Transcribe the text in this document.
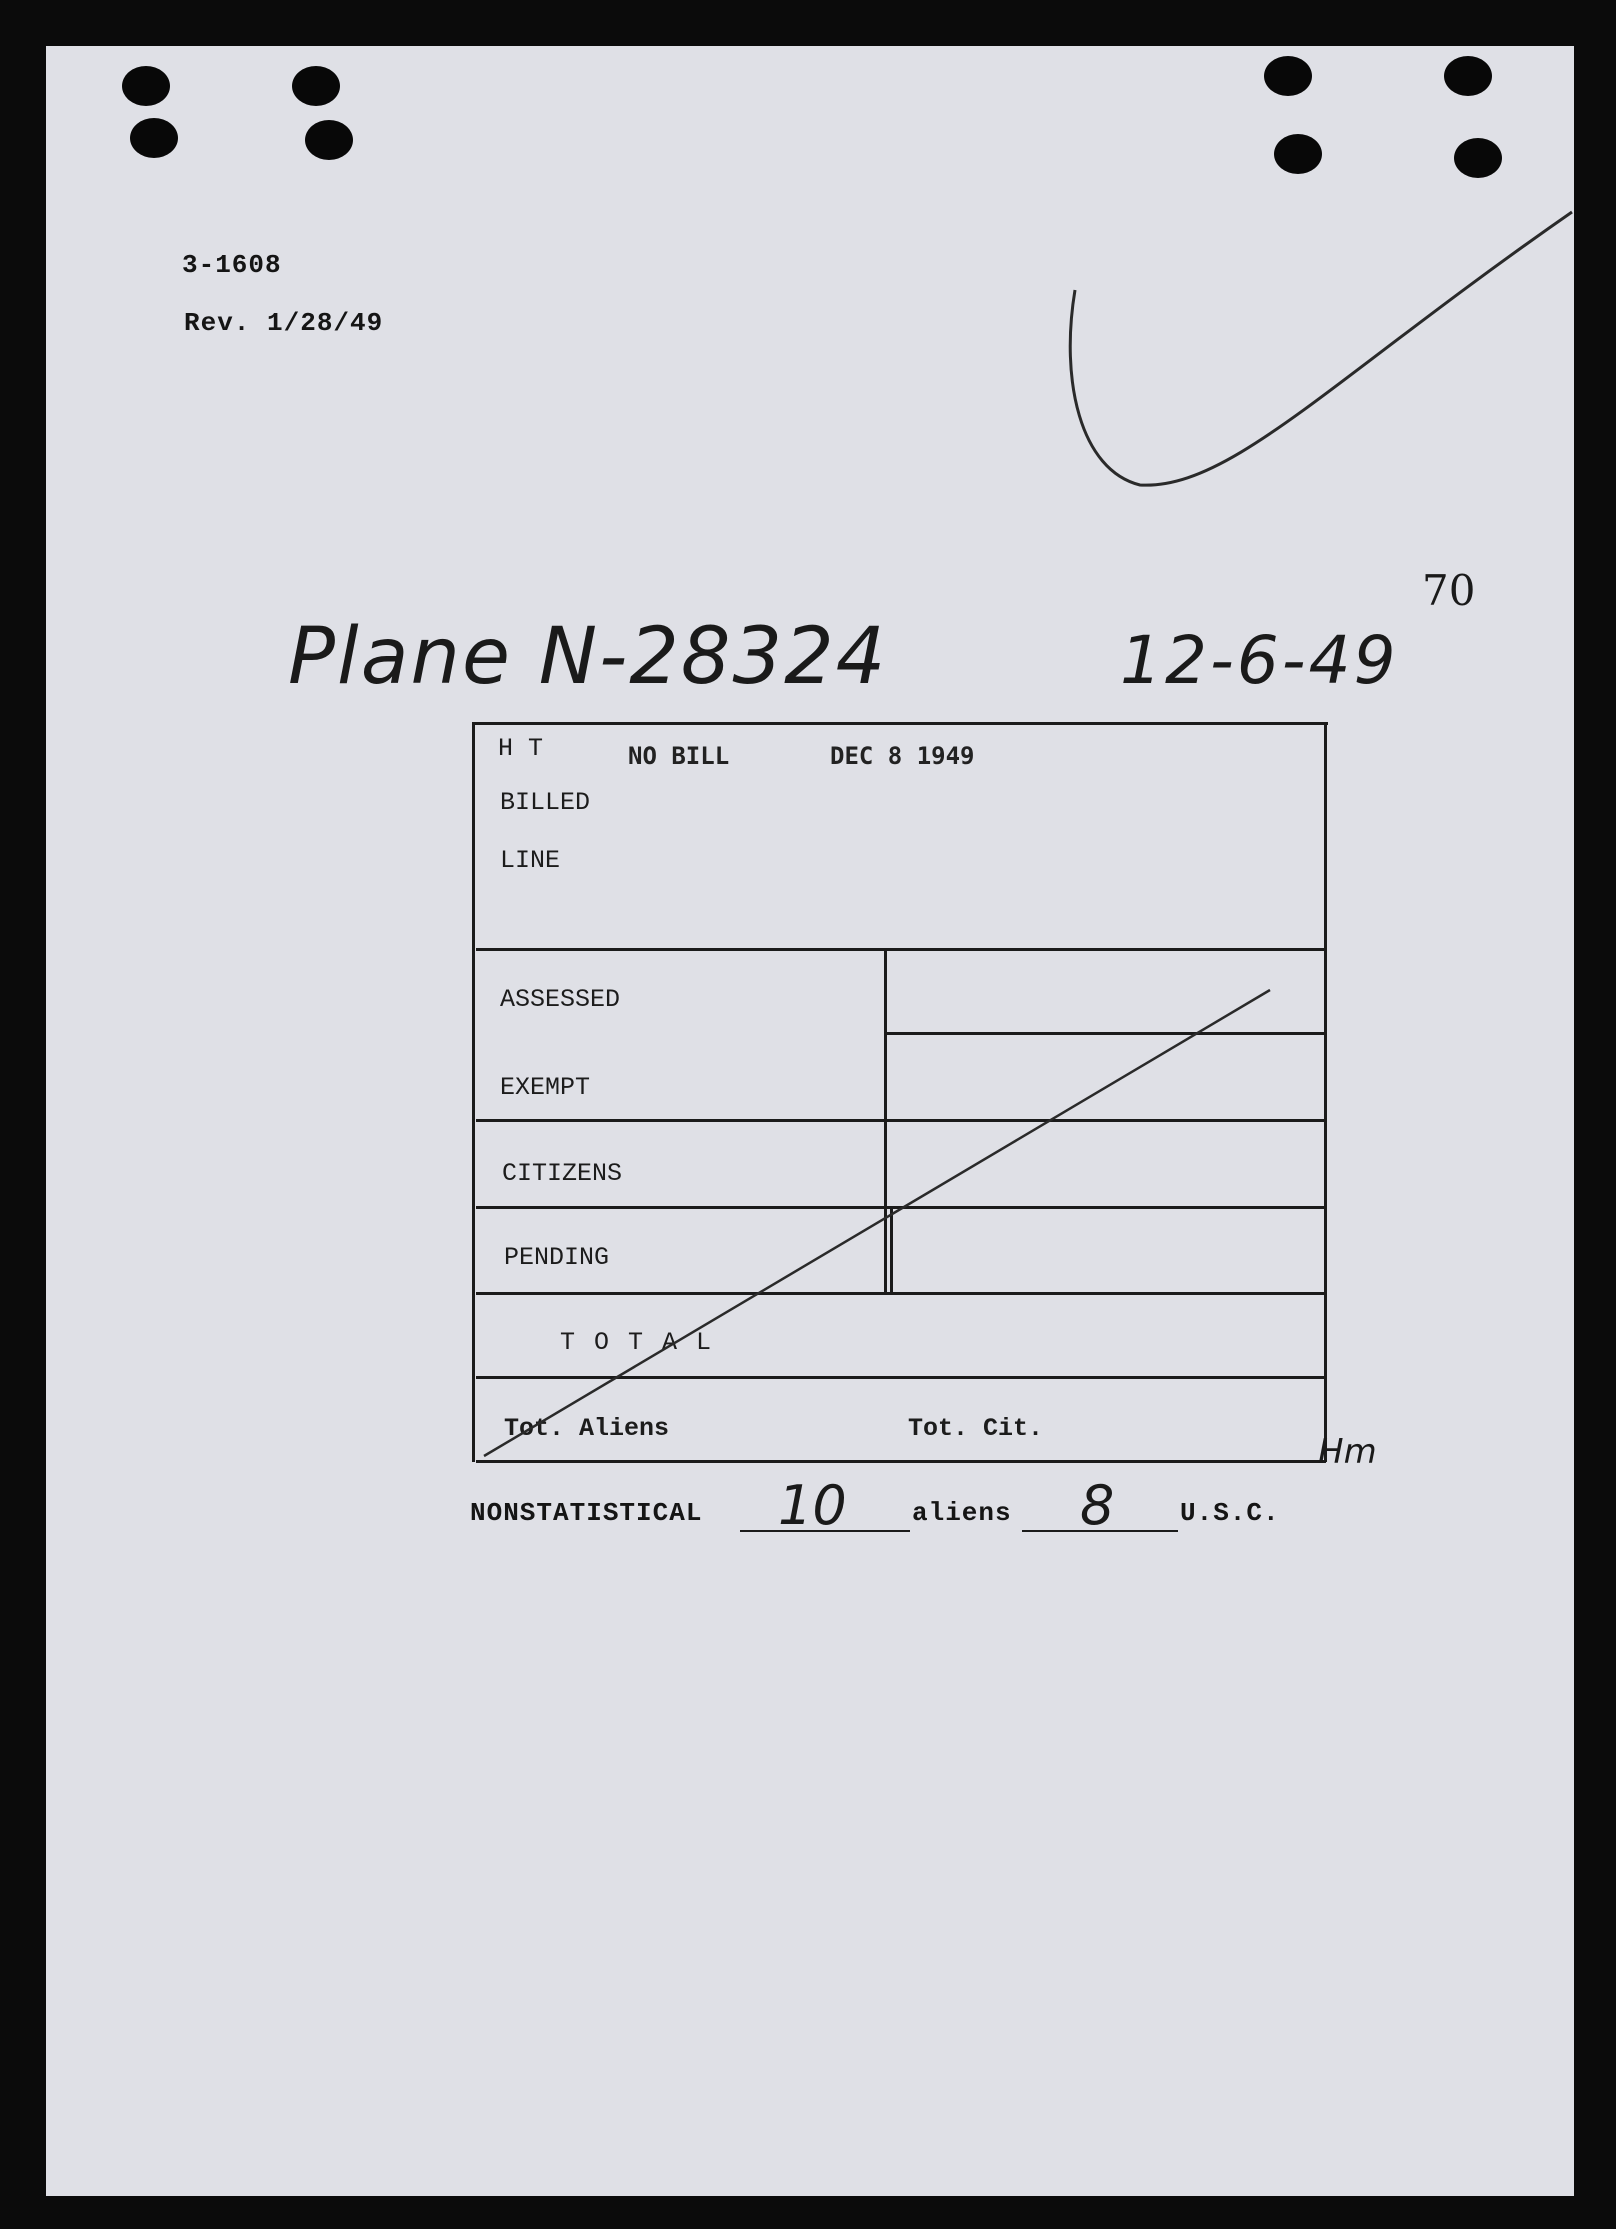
3-1608
Rev. 1/28/49
70
Plane N-28324	12-6-49
H T	NO BILL	DEC 8 1949
BILLED
LINE
ASSESSED
EXEMPT
CITIZENS
PENDING
T O T A L
Tot. Aliens	Tot. Cit.
Hm
NONSTATISTICAL 10	aliens 8	U.S.C.
